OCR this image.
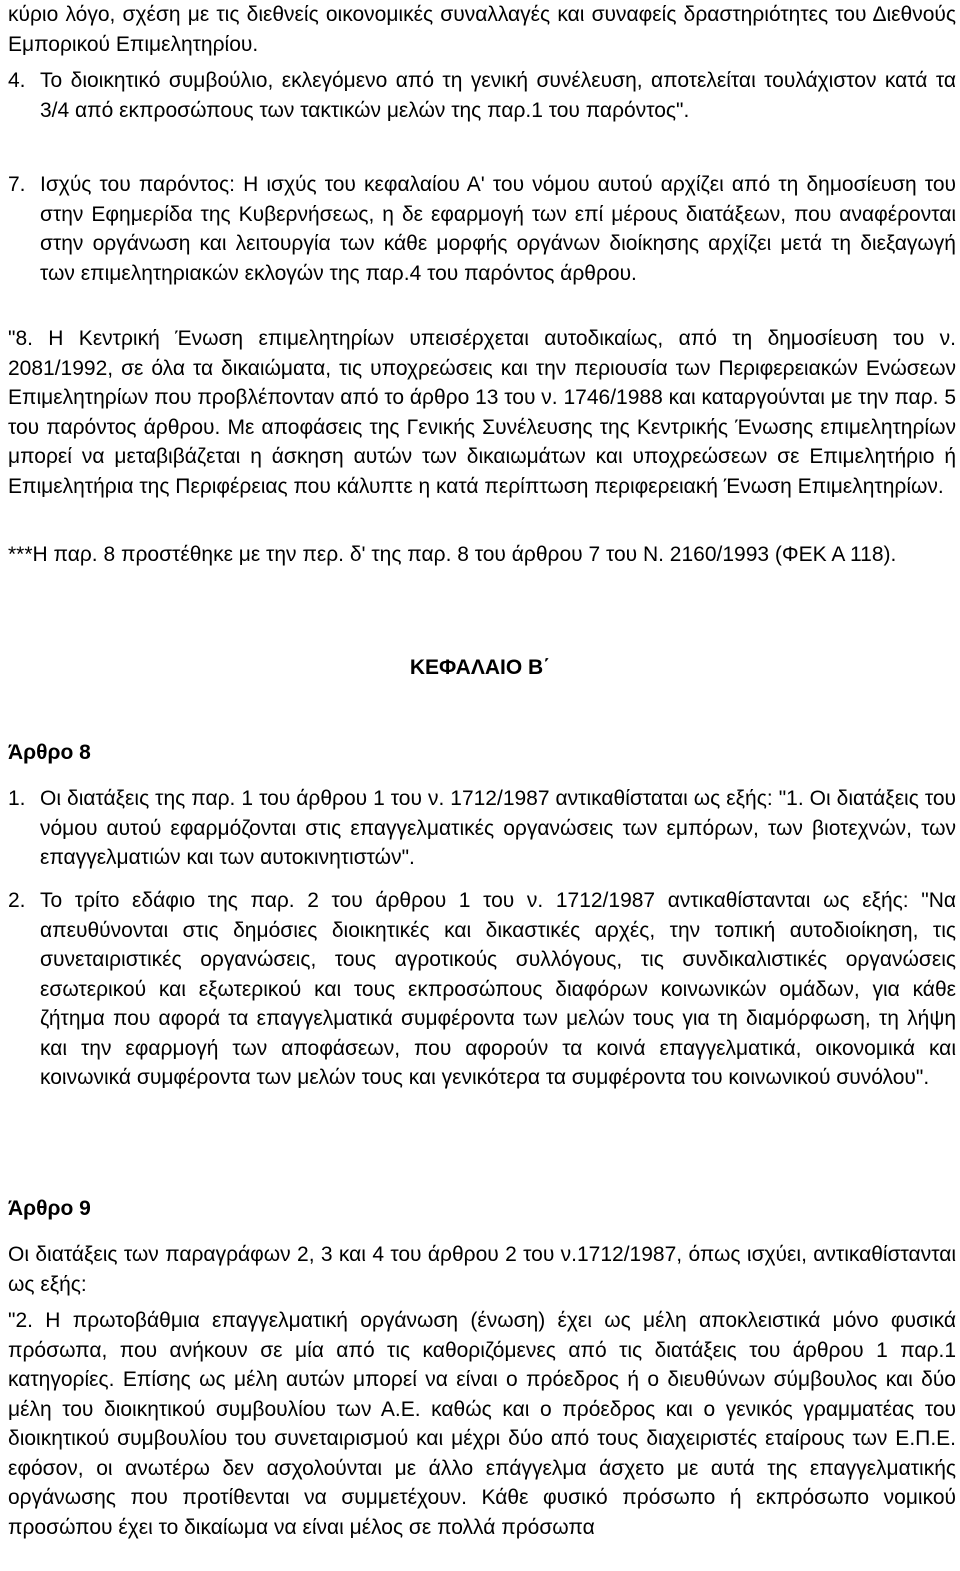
κύριο λόγο, σχέση με τις διεθνείς οικονομικές συναλλαγές και συναφείς δραστηριότητες του Διεθνούς Εμπορικού Επιμελητηρίου.

4. Το διοικητικό συμβούλιο, εκλεγόμενο από τη γενική συνέλευση, αποτελείται τουλάχιστον κατά τα 3/4 από εκπροσώπους των τακτικών μελών της παρ.1 του παρόντος".
7. Ισχύς του παρόντος: Η ισχύς του κεφαλαίου Α' του νόμου αυτού αρχίζει από τη δημοσίευση του στην Εφημερίδα της Κυβερνήσεως, η δε εφαρμογή των επί μέρους διατάξεων, που αναφέρονται στην οργάνωση και λειτουργία των κάθε μορφής οργάνων διοίκησης αρχίζει μετά τη διεξαγωγή των επιμελητηριακών εκλογών της παρ.4 του παρόντος άρθρου.

"8. Η Κεντρική Ένωση επιμελητηρίων υπεισέρχεται αυτοδικαίως, από τη δημοσίευση του ν. 2081/1992, σε όλα τα δικαιώματα, τις υποχρεώσεις και την περιουσία των Περιφερειακών Ενώσεων Επιμελητηρίων που προβλέπονταν από το άρθρο 13 του ν. 1746/1988 και καταργούνται με την παρ. 5 του παρόντος άρθρου. Με αποφάσεις της Γενικής Συνέλευσης της Κεντρικής Ένωσης επιμελητηρίων μπορεί να μεταβιβάζεται η άσκηση αυτών των δικαιωμάτων και υποχρεώσεων σε Επιμελητήριο ή Επιμελητήρια της Περιφέρειας που κάλυπτε η κατά περίπτωση περιφερειακή Ένωση Επιμελητηρίων.

***Η παρ. 8 προστέθηκε με την περ. δ' της παρ. 8 του άρθρου 7 του Ν. 2160/1993 (ΦΕΚ Α 118).

ΚΕΦΑΛΑΙΟ Β΄
Άρθρο 8
1. Οι διατάξεις της παρ. 1 του άρθρου 1 του ν. 1712/1987 αντικαθίσταται ως εξής: "1. Οι διατάξεις του νόμου αυτού εφαρμόζονται στις επαγγελματικές οργανώσεις των εμπόρων, των βιοτεχνών, των επαγγελματιών και των αυτοκινητιστών".
2. Το τρίτο εδάφιο της παρ. 2 του άρθρου 1 του ν. 1712/1987 αντικαθίστανται ως εξής: "Να απευθύνονται στις δημόσιες διοικητικές και δικαστικές αρχές, την τοπική αυτοδιοίκηση, τις συνεταιριστικές οργανώσεις, τους αγροτικούς συλλόγους, τις συνδικαλιστικές οργανώσεις εσωτερικού και εξωτερικού και τους εκπροσώπους διαφόρων κοινωνικών ομάδων, για κάθε ζήτημα που αφορά τα επαγγελματικά συμφέροντα των μελών τους για τη διαμόρφωση, τη λήψη και την εφαρμογή των αποφάσεων, που αφορούν τα κοινά επαγγελματικά, οικονομικά και κοινωνικά συμφέροντα των μελών τους και γενικότερα τα συμφέροντα του κοινωνικού συνόλου".
Άρθρο 9

Οι διατάξεις των παραγράφων 2, 3 και 4 του άρθρου 2 του ν.1712/1987, όπως ισχύει, αντικαθίστανται ως εξής:

"2. Η πρωτοβάθμια επαγγελματική οργάνωση (ένωση) έχει ως μέλη αποκλειστικά μόνο φυσικά πρόσωπα, που ανήκουν σε μία από τις καθοριζόμενες από τις διατάξεις του άρθρου 1 παρ.1 κατηγορίες. Επίσης ως μέλη αυτών μπορεί να είναι ο πρόεδρος ή ο διευθύνων σύμβουλος και δύο μέλη του διοικητικού συμβουλίου των Α.Ε. καθώς και ο πρόεδρος και ο γενικός γραμματέας του διοικητικού συμβουλίου του συνεταιρισμού και μέχρι δύο από τους διαχειριστές εταίρους των Ε.Π.Ε. εφόσον, οι ανωτέρω δεν ασχολούνται με άλλο επάγγελμα άσχετο με αυτά της επαγγελματικής οργάνωσης που προτίθενται να συμμετέχουν. Κάθε φυσικό πρόσωπο ή εκπρόσωπο νομικού προσώπου έχει το δικαίωμα να είναι μέλος σε πολλά πρόσωπα
